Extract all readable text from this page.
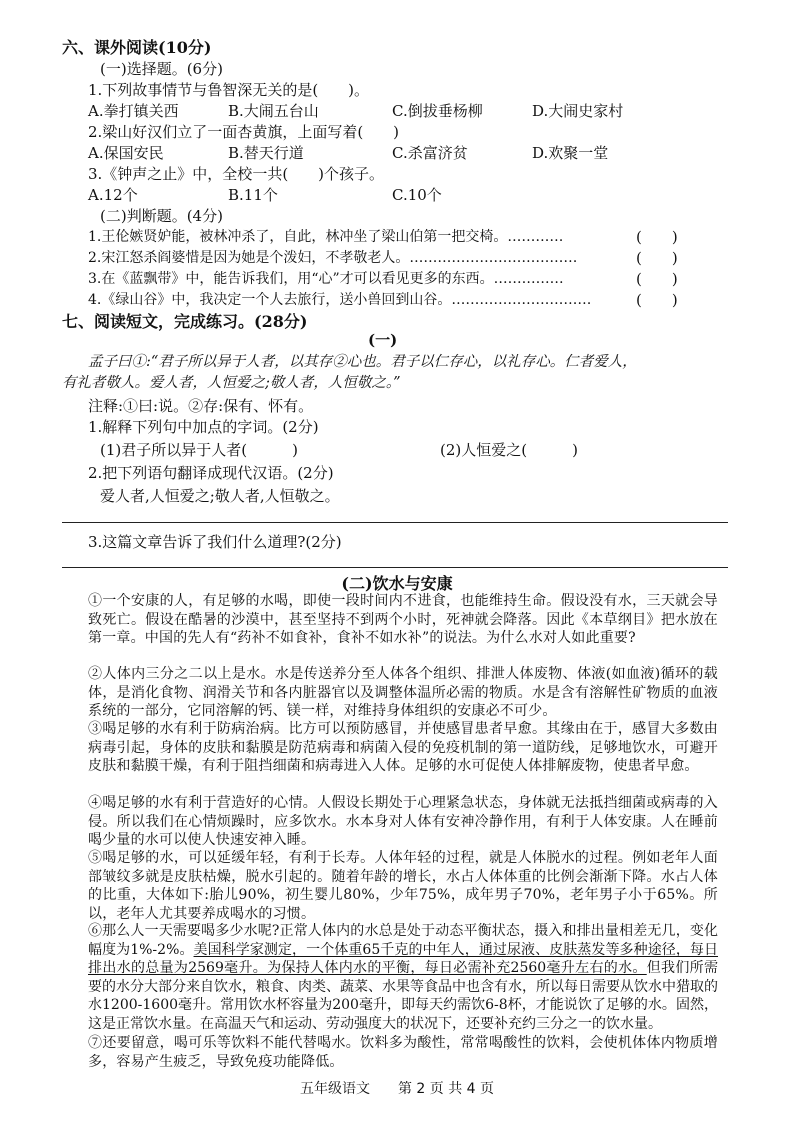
六、课外阅读(10分)
(一)选择题。(6分)
1.下列故事情节与鲁智深无关的是(　　)。
A.拳打镇关西	B.大闹五台山	C.倒拔垂杨柳	D.大闹史家村
2.梁山好汉们立了一面杏黄旗，上面写着(　　)
A.保国安民	B.替天行道	C.杀富济贫	D.欢聚一堂
3.《钟声之止》中，全校一共(　　)个孩子。
A.12个	B.11个	C.10个
(二)判断题。(4分)
1.王伦嫉贤妒能，被林冲杀了，自此，林冲坐了梁山伯第一把交椅。…………	(　　)
2.宋江怒杀阎婆惜是因为她是个泼妇，不孝敬老人。………………………………	(　　)
3.在《蓝飘带》中，能告诉我们，用“心”才可以看见更多的东西。……………	(　　)
4.《绿山谷》中，我决定一个人去旅行，送小兽回到山谷。…………………………	(　　)
七、阅读短文，完成练习。(28分)
(一)
孟子曰①:“君子所以异于人者，以其存②心也。君子以仁存心，以礼存心。仁者爱人，
有礼者敬人。爱人者，人恒爱之;敬人者，人恒敬之。”
注释:①曰:说。②存:保有、怀有。
1.解释下列句中加点的字词。(2分)
(1)君子所以异于人者(　　　)	(2)人恒爱之(　　　)
2.把下列语句翻译成现代汉语。(2分)
爱人者,人恒爱之;敬人者,人恒敬之。
3.这篇文章告诉了我们什么道理?(2分)
(二)饮水与安康
①一个安康的人，有足够的水喝，即使一段时间内不进食，也能维持生命。假设没有水，三天就会导致死亡。假设在酷暑的沙漠中，甚至坚持不到两个小时，死神就会降落。因此《本草纲目》把水放在第一章。中国的先人有“药补不如食补，食补不如水补”的说法。为什么水对人如此重要?
②人体内三分之二以上是水。水是传送养分至人体各个组织、排泄人体废物、体液(如血液)循环的载体，是消化食物、润滑关节和各内脏器官以及调整体温所必需的物质。水是含有溶解性矿物质的血液系统的一部分，它同溶解的钙、镁一样，对维持身体组织的安康必不可少。
③喝足够的水有利于防病治病。比方可以预防感冒，并使感冒患者早愈。其缘由在于，感冒大多数由病毒引起，身体的皮肤和黏膜是防范病毒和病菌入侵的免疫机制的第一道防线，足够地饮水，可避开皮肤和黏膜干燥，有利于阻挡细菌和病毒进入人体。足够的水可促使人体排解废物，使患者早愈。
④喝足够的水有利于营造好的心情。人假设长期处于心理紧急状态，身体就无法抵挡细菌或病毒的入侵。所以我们在心情烦躁时，应多饮水。水本身对人体有安神冷静作用，有利于人体安康。人在睡前喝少量的水可以使人快速安神入睡。
⑤喝足够的水，可以延缓年轻，有利于长寿。人体年轻的过程，就是人体脱水的过程。例如老年人面部皱纹多就是皮肤枯燥，脱水引起的。随着年龄的增长，水占人体体重的比例会渐渐下降。水占人体的比重，大体如下:胎儿90%，初生婴儿80%，少年75%，成年男子70%，老年男子小于65%。所以，老年人尤其要养成喝水的习惯。
⑥那么人一天需要喝多少水呢?正常人体内的水总是处于动态平衡状态，摄入和排出量相差无几，变化幅度为1%-2%。美国科学家测定，一个体重65千克的中年人，通过尿液、皮肤蒸发等多种途径，每日排出水的总量为2569毫升。为保持人体内水的平衡，每日必需补充2560毫升左右的水。但我们所需要的水分大部分来自饮水，粮食、肉类、蔬菜、水果等食品中也含有水，所以每日需要从饮水中猎取的水1200-1600毫升。常用饮水杯容量为200毫升，即每天约需饮6-8杯，才能说饮了足够的水。固然，这是正常饮水量。在高温天气和运动、劳动强度大的状况下，还要补充约三分之一的饮水量。
⑦还要留意，喝可乐等饮料不能代替喝水。饮料多为酸性，常常喝酸性的饮料，会使机体体内物质增多，容易产生疲乏，导致免疫功能降低。
五年级语文　　第 2 页 共 4 页
